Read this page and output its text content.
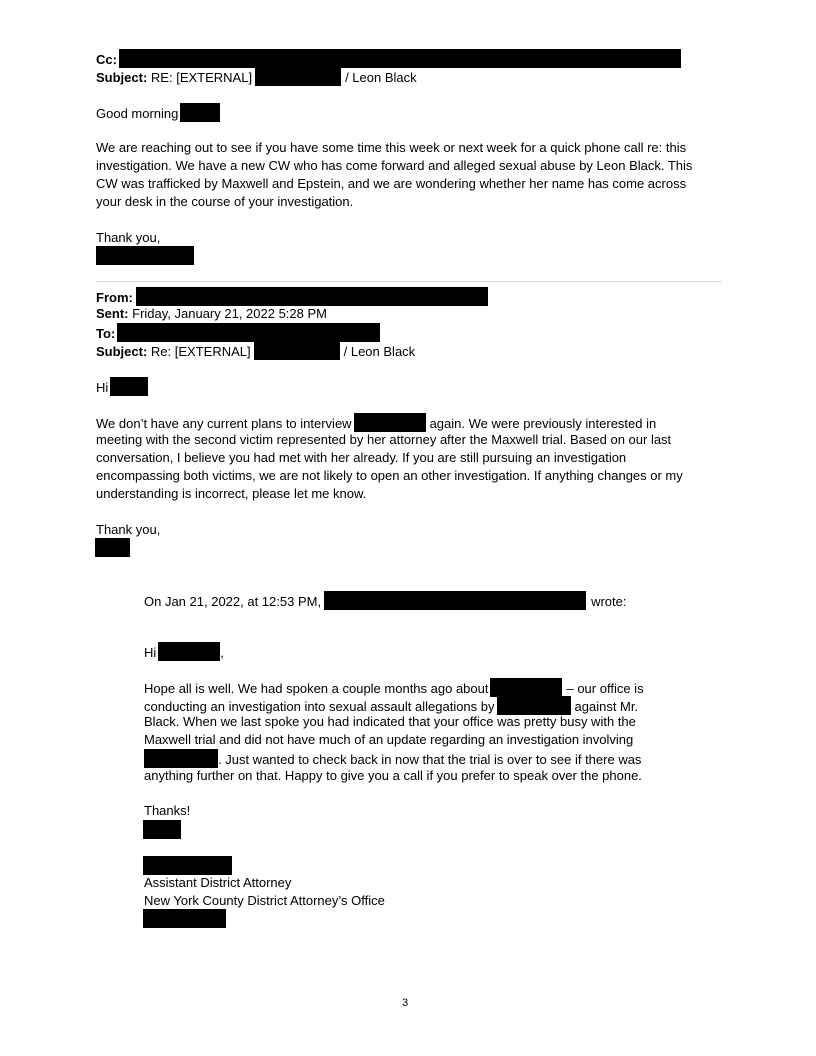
Cc:
Subject: RE: [EXTERNAL]	/ Leon Black
Good morning
We are reaching out to see if you have some time this week or next week for a quick phone call re: this
investigation. We have a new CW who has come forward and alleged sexual abuse by Leon Black. This
CW was trafficked by Maxwell and Epstein, and we are wondering whether her name has come across
your desk in the course of your investigation.
Thank you,
From:
Sent: Friday, January 21, 2022 5:28 PM
To:
Subject: Re: [EXTERNAL]	/ Leon Black
Hi
We don’t have any current plans to interview	again. We were previously interested in
meeting with the second victim represented by her attorney after the Maxwell trial. Based on our last
conversation, I believe you had met with her already. If you are still pursuing an investigation
encompassing both victims, we are not likely to open an other investigation. If anything changes or my
understanding is incorrect, please let me know.
Thank you,
On Jan 21, 2022, at 12:53 PM,	wrote:
Hi	,
Hope all is well. We had spoken a couple months ago about	– our office is
conducting an investigation into sexual assault allegations by	against Mr.
Black. When we last spoke you had indicated that your office was pretty busy with the
Maxwell trial and did not have much of an update regarding an investigation involving
. Just wanted to check back in now that the trial is over to see if there was
anything further on that. Happy to give you a call if you prefer to speak over the phone.
Thanks!
Assistant District Attorney
New York County District Attorney’s Office
3
